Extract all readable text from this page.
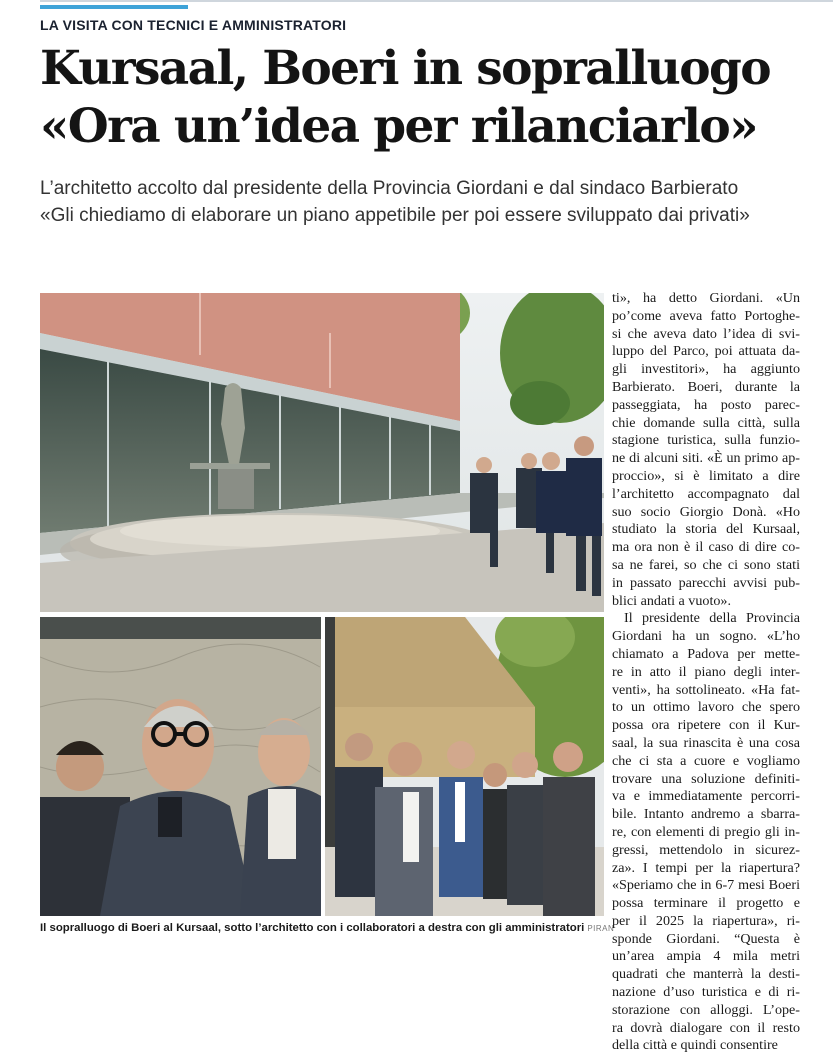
LA VISITA CON TECNICI E AMMINISTRATORI
Kursaal, Boeri in sopralluogo
«Ora un’idea per rilanciarlo»
L’architetto accolto dal presidente della Provincia Giordani e dal sindaco Barbierato
«Gli chiediamo di elaborare un piano appetibile per poi essere sviluppato dai privati»
Il sopralluogo di Boeri al Kursaal, sotto l’architetto con i collaboratori a destra con gli amministratori PIRAN
ti», ha detto Giordani. «Un
po’come aveva fatto Portoghe-
si che aveva dato l’idea di svi-
luppo del Parco, poi attuata da-
gli investitori», ha aggiunto
Barbierato. Boeri, durante la
passeggiata, ha posto parec-
chie domande sulla città, sulla
stagione turistica, sulla funzio-
ne di alcuni siti. «È un primo ap-
proccio», si è limitato a dire
l’architetto accompagnato dal
suo socio Giorgio Donà. «Ho
studiato la storia del Kursaal,
ma ora non è il caso di dire co-
sa ne farei, so che ci sono stati
in passato parecchi avvisi pub-
blici andati a vuoto».
Il presidente della Provincia
Giordani ha un sogno. «L’ho
chiamato a Padova per mette-
re in atto il piano degli inter-
venti», ha sottolineato. «Ha fat-
to un ottimo lavoro che spero
possa ora ripetere con il Kur-
saal, la sua rinascita è una cosa
che ci sta a cuore e vogliamo
trovare una soluzione definiti-
va e immediatamente percorri-
bile. Intanto andremo a sbarra-
re, con elementi di pregio gli in-
gressi, mettendolo in sicurez-
za». I tempi per la riapertura?
«Speriamo che in 6-7 mesi Boeri
possa terminare il progetto e
per il 2025 la riapertura», ri-
sponde Giordani. “Questa è
un’area ampia 4 mila metri
quadrati che manterrà la desti-
nazione d’uso turistica e di ri-
storazione con alloggi. L’ope-
ra dovrà dialogare con il resto
della città e quindi consentire
